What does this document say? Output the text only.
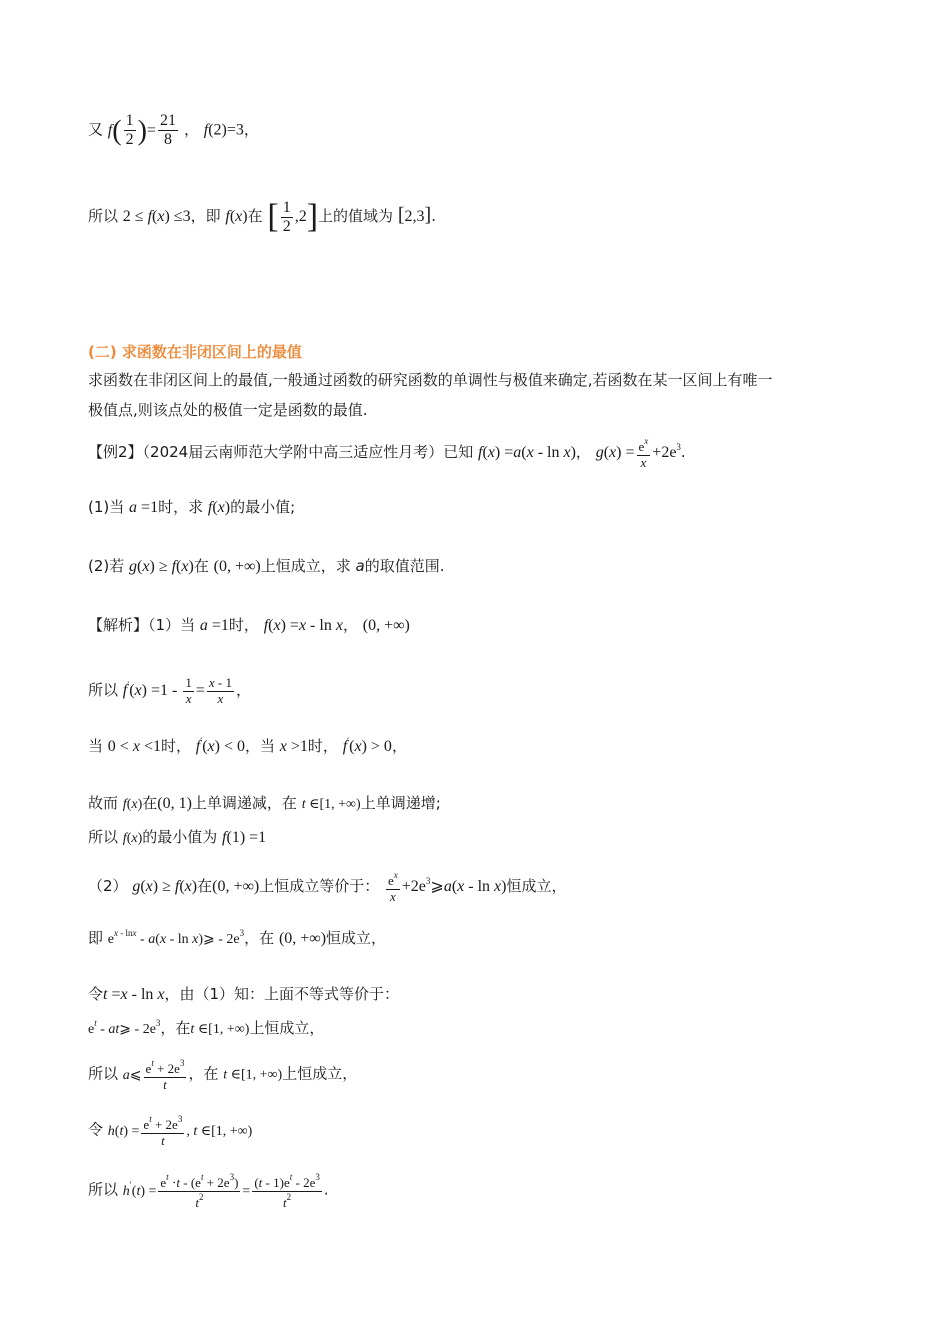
又 $f( \frac{1}{2}$ )= $\frac{21}{8}$ ， f(2)=3，
所以 2 ≤ f(x) ≤3，即 f(x)在 [ $\frac{1}{2} ,2$]上的值域为 [2,3].
(二) 求函数在非闭区间上的最值
求函数在非闭区间上的最值,一般通过函数的研究函数的单调性与极值来确定,若函数在某一区间上有唯一
极值点,则该点处的极值一定是函数的最值.
【例2】（2024届云南师范大学附中高三适应性月考）已知 f(x) =a(x - ln x)， $g(x) = \frac{e^x}{x} +2e^3$.
(1)当 a =1时，求 f(x)的最小值;
(2)若 g(x) ≥ f(x)在 (0, +∞)上恒成立，求 a的取值范围.
【解析】（1）当 a =1时， f(x) =x - ln x， (0, +∞)
所以 $f'(x) =1 - \frac{1}{x} = \frac{x - 1}{x}$ ，
当 0 < x <1时， f′(x) < 0，当 x >1时， f′(x) > 0，
故而 f(x)在(0, 1)上单调递减，在 t ∈[1, +∞)上单调递增;
所以 f(x)的最小值为 f(1) =1
（2） g(x) ≥ f(x)在(0, +∞)上恒成立等价于： $\frac{e^x}{x}$ $+2e^3⩾a(x - \ln x)$恒成立，
即 $e^{x - lnx} - a(x$ - ln x)⩾ - $2e^3$，在 (0, +∞)恒成立，
令t =x - ln x，由（1）知：上面不等式等价于：
$e^t$ - at⩾ - $2e^3$，在t ∈[1, +∞)上恒成立，
所以 a⩽ $\frac{e^t + 2e^3}{t}$ ，在 t ∈[1, +∞)上恒成立，
令 $h(t) = \frac{e^t + 2e^3}{t}$ , t ∈[1, +∞)
所以 $h'(t) = \frac{e^t \cdot t - (e^t + 2e^3)}{t^2} = \frac{(t - 1)e^t - 2e^3}{t^2}$ .
